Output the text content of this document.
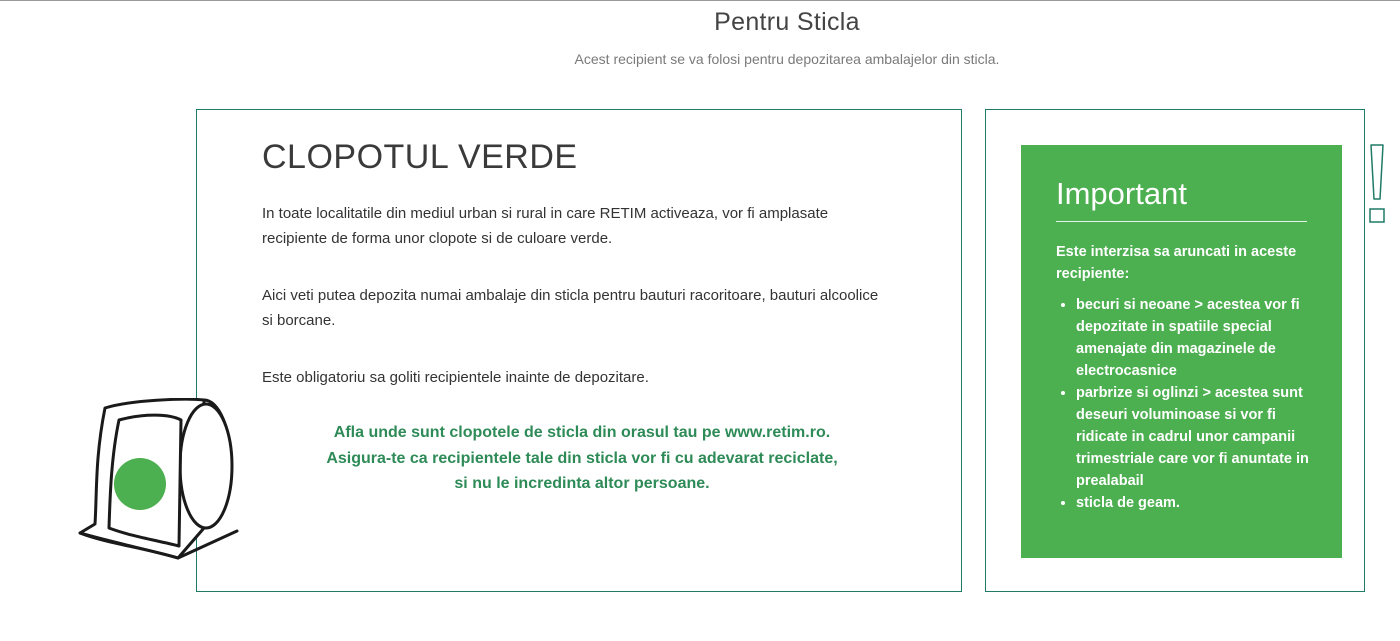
Pentru Sticla

Acest recipient se va folosi pentru depozitarea ambalajelor din sticla.

CLOPOTUL VERDE

In toate localitatile din mediul urban si rural in care RETIM activeaza, vor fi amplasate recipiente de forma unor clopote si de culoare verde.

Aici veti putea depozita numai ambalaje din sticla pentru bauturi racoritoare, bauturi alcoolice si borcane.

Este obligatoriu sa goliti recipientele inainte de depozitare.

Afla unde sunt clopotele de sticla din orasul tau pe www.retim.ro.
Asigura-te ca recipientele tale din sticla vor fi cu adevarat reciclate,
si nu le incredinta altor persoane.

Important

Este interzisa sa aruncati in aceste recipiente:

• becuri si neoane > acestea vor fi depozitate in spatiile special amenajate din magazinele de electrocasnice
• parbrize si oglinzi > acestea sunt deseuri voluminoase si vor fi ridicate in cadrul unor campanii trimestriale care vor fi anuntate in prealabail
• sticla de geam.
